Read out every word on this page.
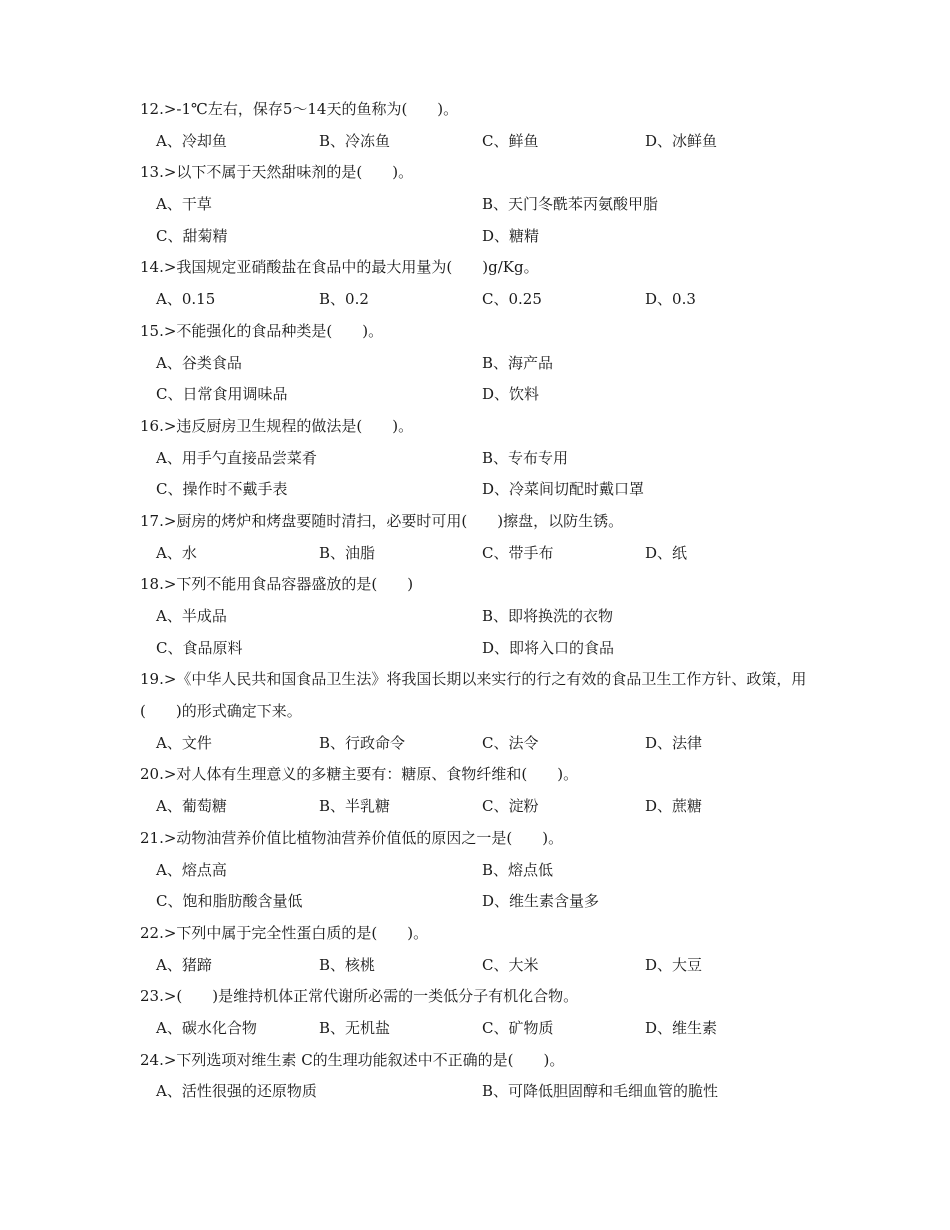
12.>-1℃左右，保存5～14天的鱼称为(　　)。
A、冷却鱼	B、冷冻鱼	C、鲜鱼	D、冰鲜鱼
13.>以下不属于天然甜味剂的是(　　)。
A、干草	B、天门冬酰苯丙氨酸甲脂
C、甜菊精	D、糖精
14.>我国规定亚硝酸盐在食品中的最大用量为(　　)g/Kg。
A、0.15	B、0.2	C、0.25	D、0.3
15.>不能强化的食品种类是(　　)。
A、谷类食品	B、海产品
C、日常食用调味品	D、饮料
16.>违反厨房卫生规程的做法是(　　)。
A、用手勺直接品尝菜肴	B、专布专用
C、操作时不戴手表	D、冷菜间切配时戴口罩
17.>厨房的烤炉和烤盘要随时清扫，必要时可用(　　)擦盘，以防生锈。
A、水	B、油脂	C、带手布	D、纸
18.>下列不能用食品容器盛放的是(　　)
A、半成品	B、即将换洗的衣物
C、食品原料	D、即将入口的食品
19.>《中华人民共和国食品卫生法》将我国长期以来实行的行之有效的食品卫生工作方针、政策，用(　　)的形式确定下来。
A、文件	B、行政命令	C、法令	D、法律
20.>对人体有生理意义的多糖主要有：糖原、食物纤维和(　　)。
A、葡萄糖	B、半乳糖	C、淀粉	D、蔗糖
21.>动物油营养价值比植物油营养价值低的原因之一是(　　)。
A、熔点高	B、熔点低
C、饱和脂肪酸含量低	D、维生素含量多
22.>下列中属于完全性蛋白质的是(　　)。
A、猪蹄	B、核桃	C、大米	D、大豆
23.>(　　)是维持机体正常代谢所必需的一类低分子有机化合物。
A、碳水化合物	B、无机盐	C、矿物质	D、维生素
24.>下列选项对维生素 C的生理功能叙述中不正确的是(　　)。
A、活性很强的还原物质	B、可降低胆固醇和毛细血管的脆性
